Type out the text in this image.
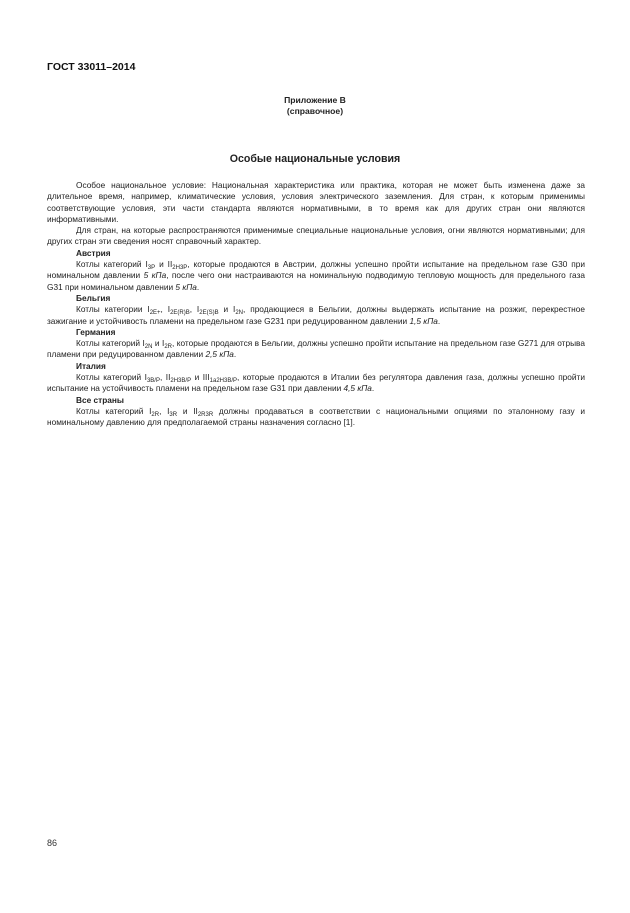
ГОСТ 33011–2014
Приложение В
(справочное)
Особые национальные условия

Особое национальное условие: Национальная характеристика или практика, которая не может быть изменена даже за длительное время, например, климатические условия, условия электрического заземления. Для стран, к которым применимы соответствующие условия, эти части стандарта являются нормативными, в то время как для других стран они являются информативными.

Для стран, на которые распространяются применимые специальные национальные условия, огни являются нормативными; для других стран эти сведения носят справочный характер.

Австрия

Котлы категорий $I_{3P}$ и $II_{2H3P}$, которые продаются в Австрии, должны успешно пройти испытание на предельном газе G30 при номинальном давлении 5 кПа, после чего они настраиваются на номинальную подводимую тепловую мощность для предельного газа G31 при номинальном давлении 5 кПа.

Бельгия

Котлы категории $I_{2E+}$, $I_{2E(R)B}$, $I_{2E(S)B}$ и $I_{2N}$, продающиеся в Бельгии, должны выдержать испытание на розжиг, перекрестное зажигание и устойчивость пламени на предельном газе G231 при редуцированном давлении 1,5 кПа.

Германия

Котлы категорий $I_{2N}$ и $I_{2R}$, которые продаются в Бельгии, должны успешно пройти испытание на предельном газе G271 для отрыва пламени при редуцированном давлении 2,5 кПа.

Италия

Котлы категорий $I_{3B/P}$, $II_{2H3B/P}$ и $III_{1a2H3B/P}$, которые продаются в Италии без регулятора давления газа, должны успешно пройти испытание на устойчивость пламени на предельном газе G31 при давлении 4,5 кПа.

Все страны

Котлы категорий $I_{2R}$, $I_{3R}$ и $II_{2R3R}$ должны продаваться в соответствии с национальными опциями по эталонному газу и номинальному давлению для предполагаемой страны назначения согласно [1].

86
